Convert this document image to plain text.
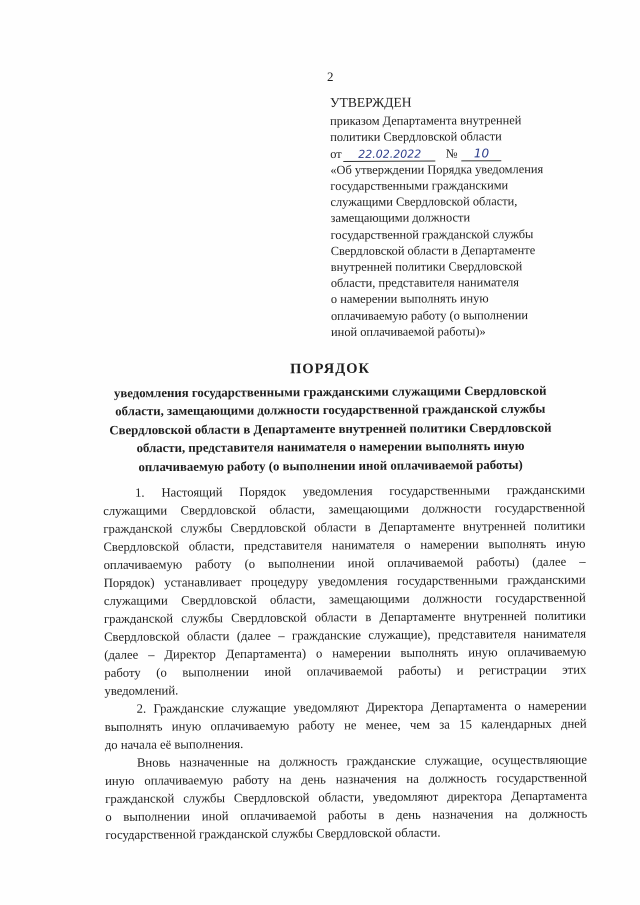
2
УТВЕРЖДЕН
приказом Департамента внутренней
политики Свердловской области
от 22.02.2022 № 10
«Об утверждении Порядка уведомления
государственными гражданскими
служащими Свердловской области,
замещающими должности
государственной гражданской службы
Свердловской области в Департаменте
внутренней политики Свердловской
области, представителя нанимателя
о намерении выполнять иную
оплачиваемую работу (о выполнении
иной оплачиваемой работы)»
ПОРЯДОК
уведомления государственными гражданскими служащими Свердловской
области, замещающими должности государственной гражданской службы
Свердловской области в Департаменте внутренней политики Свердловской
области, представителя нанимателя о намерении выполнять иную
оплачиваемую работу (о выполнении иной оплачиваемой работы)
1. Настоящий Порядок уведомления государственными гражданскими
служащими Свердловской области, замещающими должности государственной
гражданской службы Свердловской области в Департаменте внутренней политики
Свердловской области, представителя нанимателя о намерении выполнять иную
оплачиваемую работу (о выполнении иной оплачиваемой работы) (далее –
Порядок) устанавливает процедуру уведомления государственными гражданскими
служащими Свердловской области, замещающими должности государственной
гражданской службы Свердловской области в Департаменте внутренней политики
Свердловской области (далее – гражданские служащие), представителя нанимателя
(далее – Директор Департамента) о намерении выполнять иную оплачиваемую
работу (о выполнении иной оплачиваемой работы) и регистрации этих
уведомлений.
2. Гражданские служащие уведомляют Директора Департамента о намерении
выполнять иную оплачиваемую работу не менее, чем за 15 календарных дней
до начала её выполнения.
Вновь назначенные на должность гражданские служащие, осуществляющие
иную оплачиваемую работу на день назначения на должность государственной
гражданской службы Свердловской области, уведомляют директора Департамента
о выполнении иной оплачиваемой работы в день назначения на должность
государственной гражданской службы Свердловской области.
